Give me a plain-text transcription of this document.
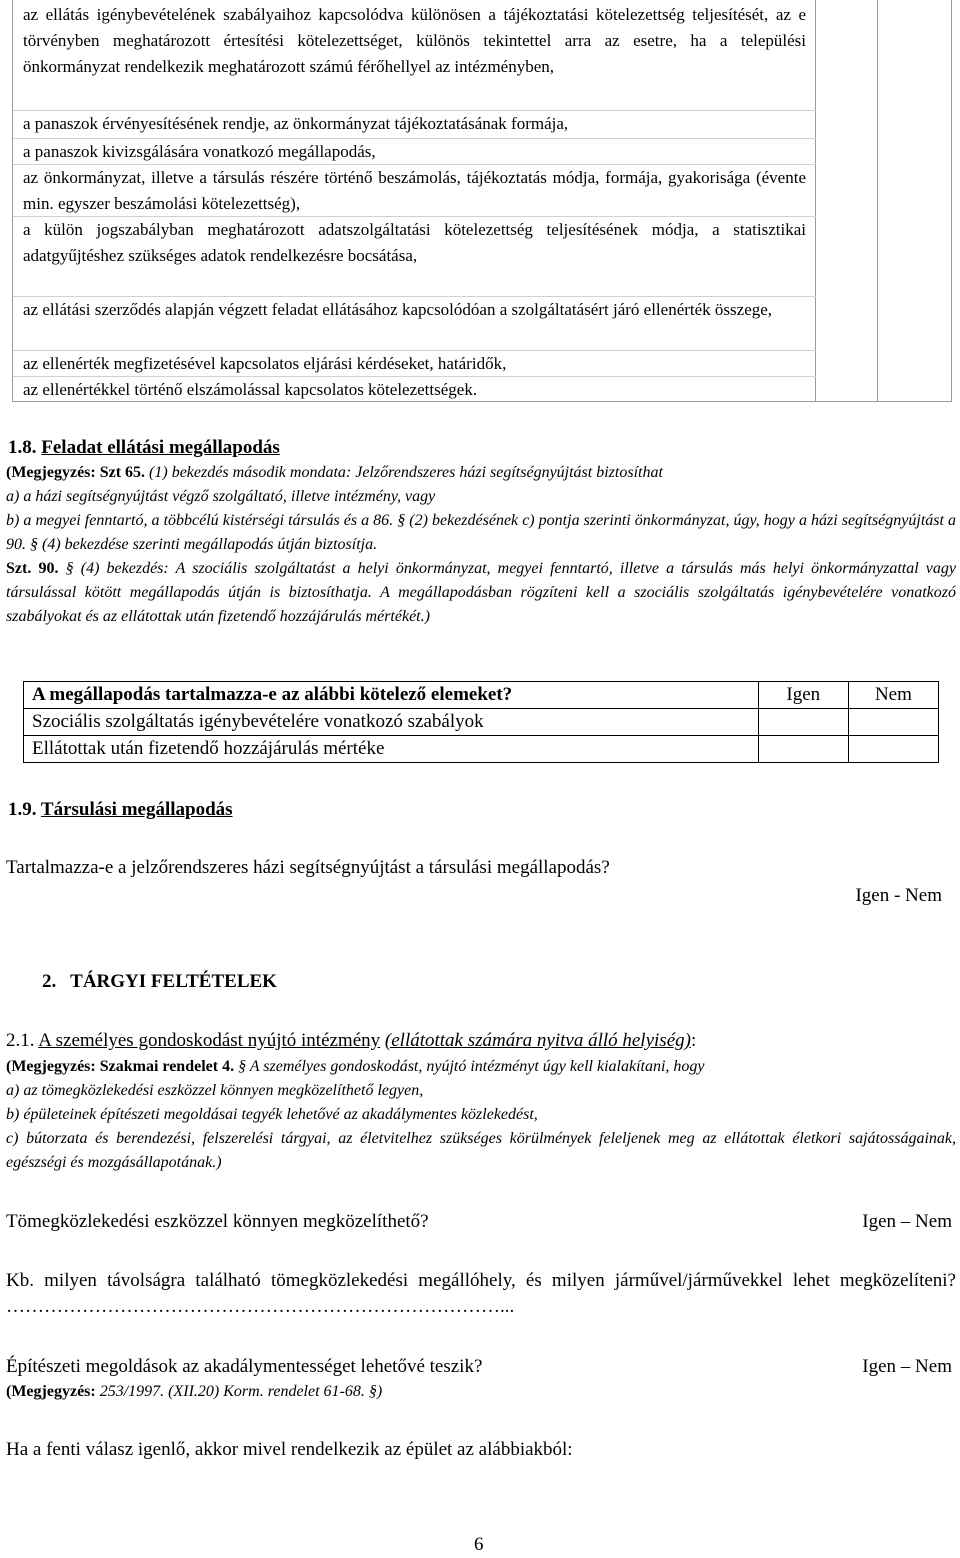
az ellátás igénybevételének szabályaihoz kapcsolódva különösen a tájékoztatási kötelezettség teljesítését, az e törvényben meghatározott értesítési kötelezettséget, különös tekintettel arra az esetre, ha a települési önkormányzat rendelkezik meghatározott számú férőhellyel az intézményben,
a panaszok érvényesítésének rendje, az önkormányzat tájékoztatásának formája,
a panaszok kivizsgálására vonatkozó megállapodás,
az önkormányzat, illetve a társulás részére történő beszámolás, tájékoztatás módja, formája, gyakorisága (évente min. egyszer beszámolási kötelezettség),
a külön jogszabályban meghatározott adatszolgáltatási kötelezettség teljesítésének módja, a statisztikai adatgyűjtéshez szükséges adatok rendelkezésre bocsátása,
az ellátási szerződés alapján végzett feladat ellátásához kapcsolódóan a szolgáltatásért járó ellenérték összege,
az ellenérték megfizetésével kapcsolatos eljárási kérdéseket, határidők,
az ellenértékkel történő elszámolással kapcsolatos kötelezettségek.
1.8. Feladat ellátási megállapodás
(Megjegyzés: Szt 65. (1) bekezdés második mondata: Jelzőrendszeres házi segítségnyújtást biztosíthat
a) a házi segítségnyújtást végző szolgáltató, illetve intézmény, vagy
b) a megyei fenntartó, a többcélú kistérségi társulás és a 86. § (2) bekezdésének c) pontja szerinti önkormányzat, úgy, hogy a házi segítségnyújtást a 90. § (4) bekezdése szerinti megállapodás útján biztosítja.
Szt. 90. § (4) bekezdés: A szociális szolgáltatást a helyi önkormányzat, megyei fenntartó, illetve a társulás más helyi önkormányzattal vagy társulással kötött megállapodás útján is biztosíthatja. A megállapodásban rögzíteni kell a szociális szolgáltatás igénybevételére vonatkozó szabályokat és az ellátottak után fizetendő hozzájárulás mértékét.)
A megállapodás tartalmazza-e az alábbi kötelező elemeket?	Igen	Nem
Szociális szolgáltatás igénybevételére vonatkozó szabályok		
Ellátottak után fizetendő hozzájárulás mértéke		
1.9. Társulási megállapodás
Tartalmazza-e a jelzőrendszeres házi segítségnyújtást a társulási megállapodás?
Igen - Nem
2.   TÁRGYI FELTÉTELEK
2.1. A személyes gondoskodást nyújtó intézmény (ellátottak számára nyitva álló helyiség):
(Megjegyzés: Szakmai rendelet 4. § A személyes gondoskodást, nyújtó intézményt úgy kell kialakítani, hogy
a) az tömegközlekedési eszközzel könnyen megközelíthető legyen,
b) épületeinek építészeti megoldásai tegyék lehetővé az akadálymentes közlekedést,
c) bútorzata és berendezési, felszerelési tárgyai, az életvitelhez szükséges körülmények feleljenek meg az ellátottak életkori sajátosságainak, egészségi és mozgásállapotának.)
Tömegközlekedési eszközzel könnyen megközelíthető?	Igen – Nem
Kb. milyen távolságra található tömegközlekedési megállóhely, és milyen járművel/járművekkel lehet megközelíteni? ……………………………………………………………………...
Építészeti megoldások az akadálymentességet lehetővé teszik?	Igen – Nem
(Megjegyzés: 253/1997. (XII.20) Korm. rendelet 61-68. §)
Ha a fenti válasz igenlő, akkor mivel rendelkezik az épület az alábbiakból:
6
